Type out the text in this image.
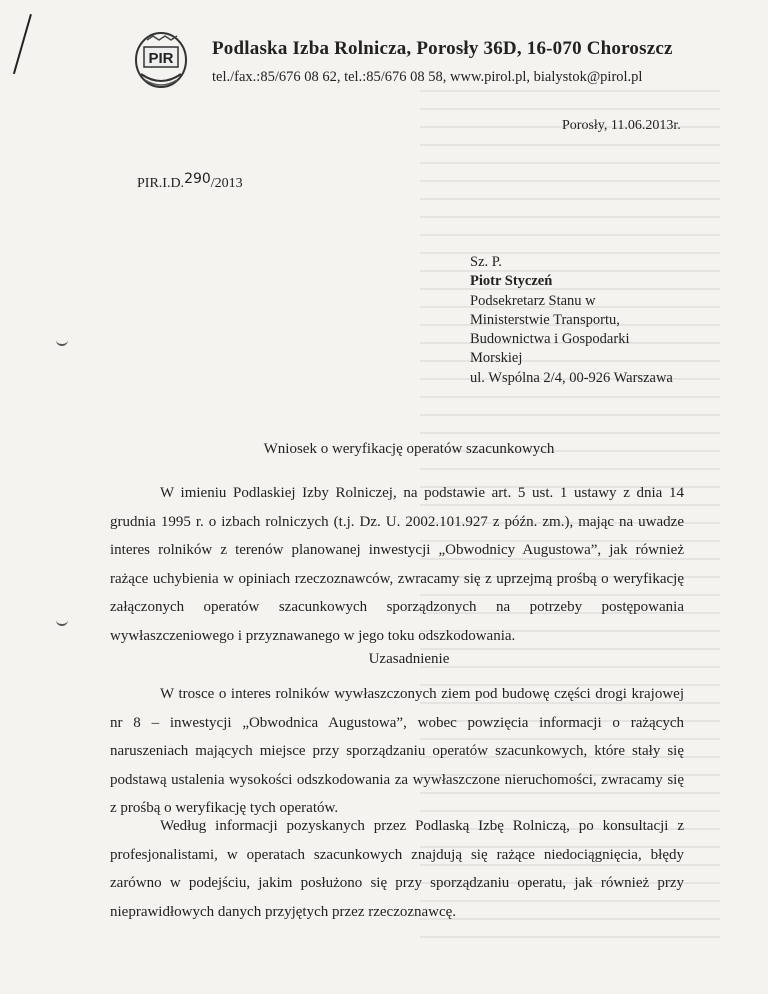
PIR Podlaska Izba Rolnicza, Porosły 36D, 16-070 Choroszcz
tel./fax.:85/676 08 62, tel.:85/676 08 58, www.pirol.pl, bialystok@pirol.pl
Porosły, 11.06.2013r.
PIR.I.D.290/2013
Sz. P.
Piotr Styczeń
Podsekretarz Stanu w
Ministerstwie Transportu,
Budownictwa i Gospodarki
Morskiej
ul. Wspólna 2/4, 00-926 Warszawa
Wniosek o weryfikację operatów szacunkowych
W imieniu Podlaskiej Izby Rolniczej, na podstawie art. 5 ust. 1 ustawy z dnia 14 grudnia 1995 r. o izbach rolniczych (t.j. Dz. U. 2002.101.927 z późn. zm.), mając na uwadze interes rolników z terenów planowanej inwestycji „Obwodnicy Augustowa”, jak również rażące uchybienia w opiniach rzeczoznawców, zwracamy się z uprzejmą prośbą o weryfikację załączonych operatów szacunkowych sporządzonych na potrzeby postępowania wywłaszczeniowego i przyznawanego w jego toku odszkodowania.
Uzasadnienie
W trosce o interes rolników wywłaszczonych ziem pod budowę części drogi krajowej nr 8 – inwestycji „Obwodnica Augustowa”, wobec powzięcia informacji o rażących naruszeniach mających miejsce przy sporządzaniu operatów szacunkowych, które stały się podstawą ustalenia wysokości odszkodowania za wywłaszczone nieruchomości, zwracamy się z prośbą o weryfikację tych operatów.
Według informacji pozyskanych przez Podlaską Izbę Rolniczą, po konsultacji z profesjonalistami, w operatach szacunkowych znajdują się rażące niedociągnięcia, błędy zarówno w podejściu, jakim posłużono się przy sporządzaniu operatu, jak również przy nieprawidłowych danych przyjętych przez rzeczoznawcę.
